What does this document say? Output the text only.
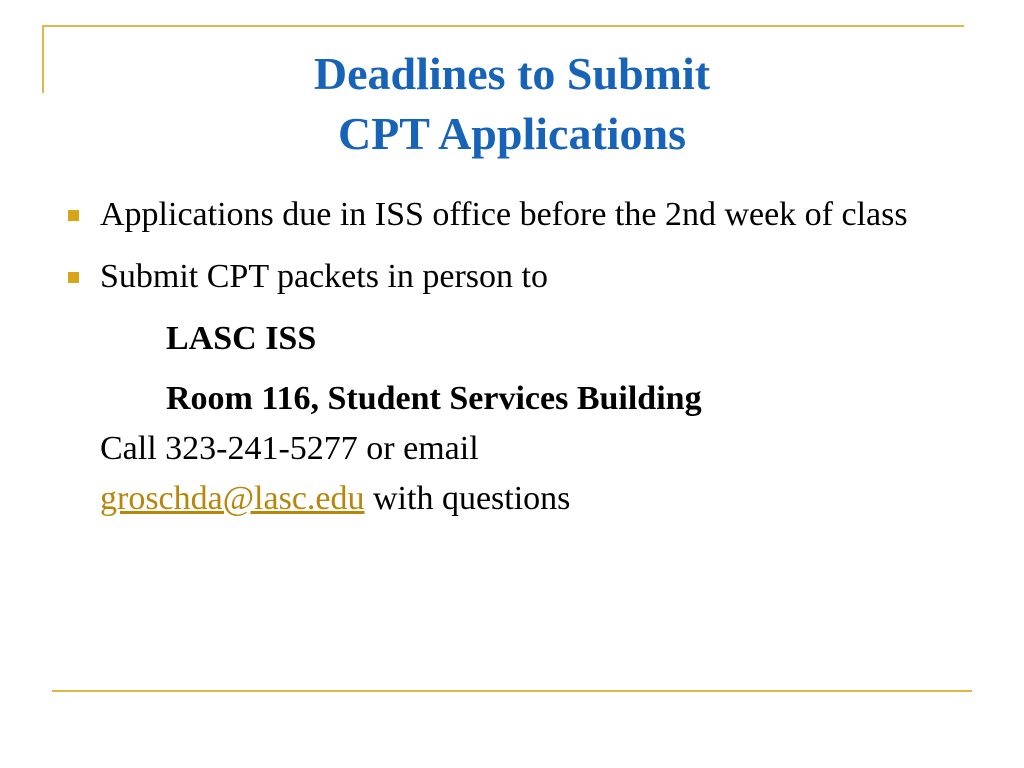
Deadlines to Submit
CPT Applications
Applications due in ISS office before the 2nd week of class
Submit CPT packets in person to
LASC ISS
Room 116, Student Services Building
Call 323-241-5277 or email
groschda@lasc.edu with questions
